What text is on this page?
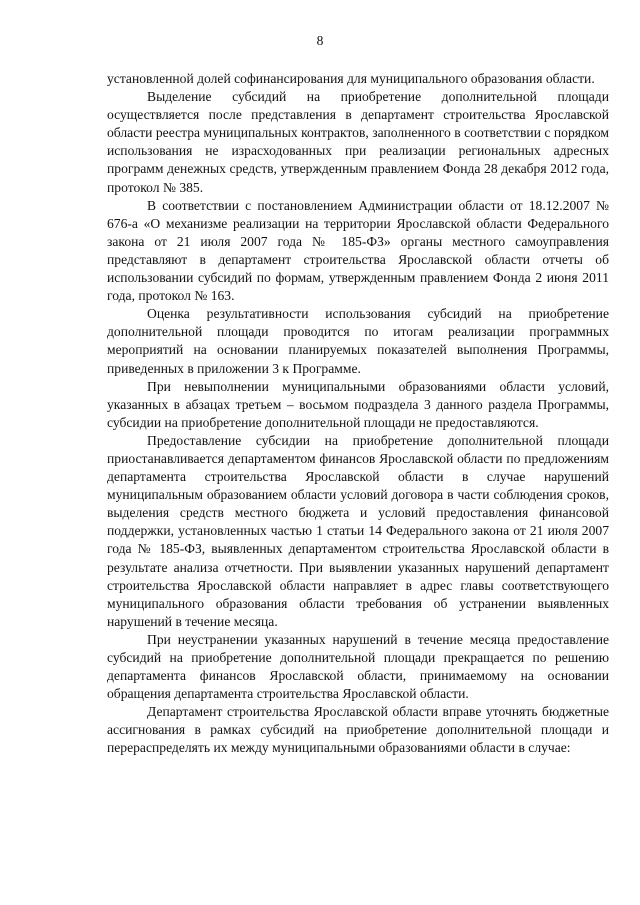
8

установленной долей софинансирования для муниципального образования области.

Выделение субсидий на приобретение дополнительной площади осуществляется после представления в департамент строительства Ярославской области реестра муниципальных контрактов, заполненного в соответствии с порядком использования не израсходованных при реализации региональных адресных программ денежных средств, утвержденным правлением Фонда 28 декабря 2012 года, протокол № 385.

В соответствии с постановлением Администрации области от 18.12.2007 № 676-а «О механизме реализации на территории Ярославской области Федерального закона от 21 июля 2007 года № 185-ФЗ» органы местного самоуправления представляют в департамент строительства Ярославской области отчеты об использовании субсидий по формам, утвержденным правлением Фонда 2 июня 2011 года, протокол № 163.

Оценка результативности использования субсидий на приобретение дополнительной площади проводится по итогам реализации программных мероприятий на основании планируемых показателей выполнения Программы, приведенных в приложении 3 к Программе.

При невыполнении муниципальными образованиями области условий, указанных в абзацах третьем – восьмом подраздела 3 данного раздела Программы, субсидии на приобретение дополнительной площади не предоставляются.

Предоставление субсидии на приобретение дополнительной площади приостанавливается департаментом финансов Ярославской области по предложениям департамента строительства Ярославской области в случае нарушений муниципальным образованием области условий договора в части соблюдения сроков, выделения средств местного бюджета и условий предоставления финансовой поддержки, установленных частью 1 статьи 14 Федерального закона от 21 июля 2007 года № 185-ФЗ, выявленных департаментом строительства Ярославской области в результате анализа отчетности. При выявлении указанных нарушений департамент строительства Ярославской области направляет в адрес главы соответствующего муниципального образования области требования об устранении выявленных нарушений в течение месяца.

При неустранении указанных нарушений в течение месяца предоставление субсидий на приобретение дополнительной площади прекращается по решению департамента финансов Ярославской области, принимаемому на основании обращения департамента строительства Ярославской области.

Департамент строительства Ярославской области вправе уточнять бюджетные ассигнования в рамках субсидий на приобретение дополнительной площади и перераспределять их между муниципальными образованиями области в случае:
